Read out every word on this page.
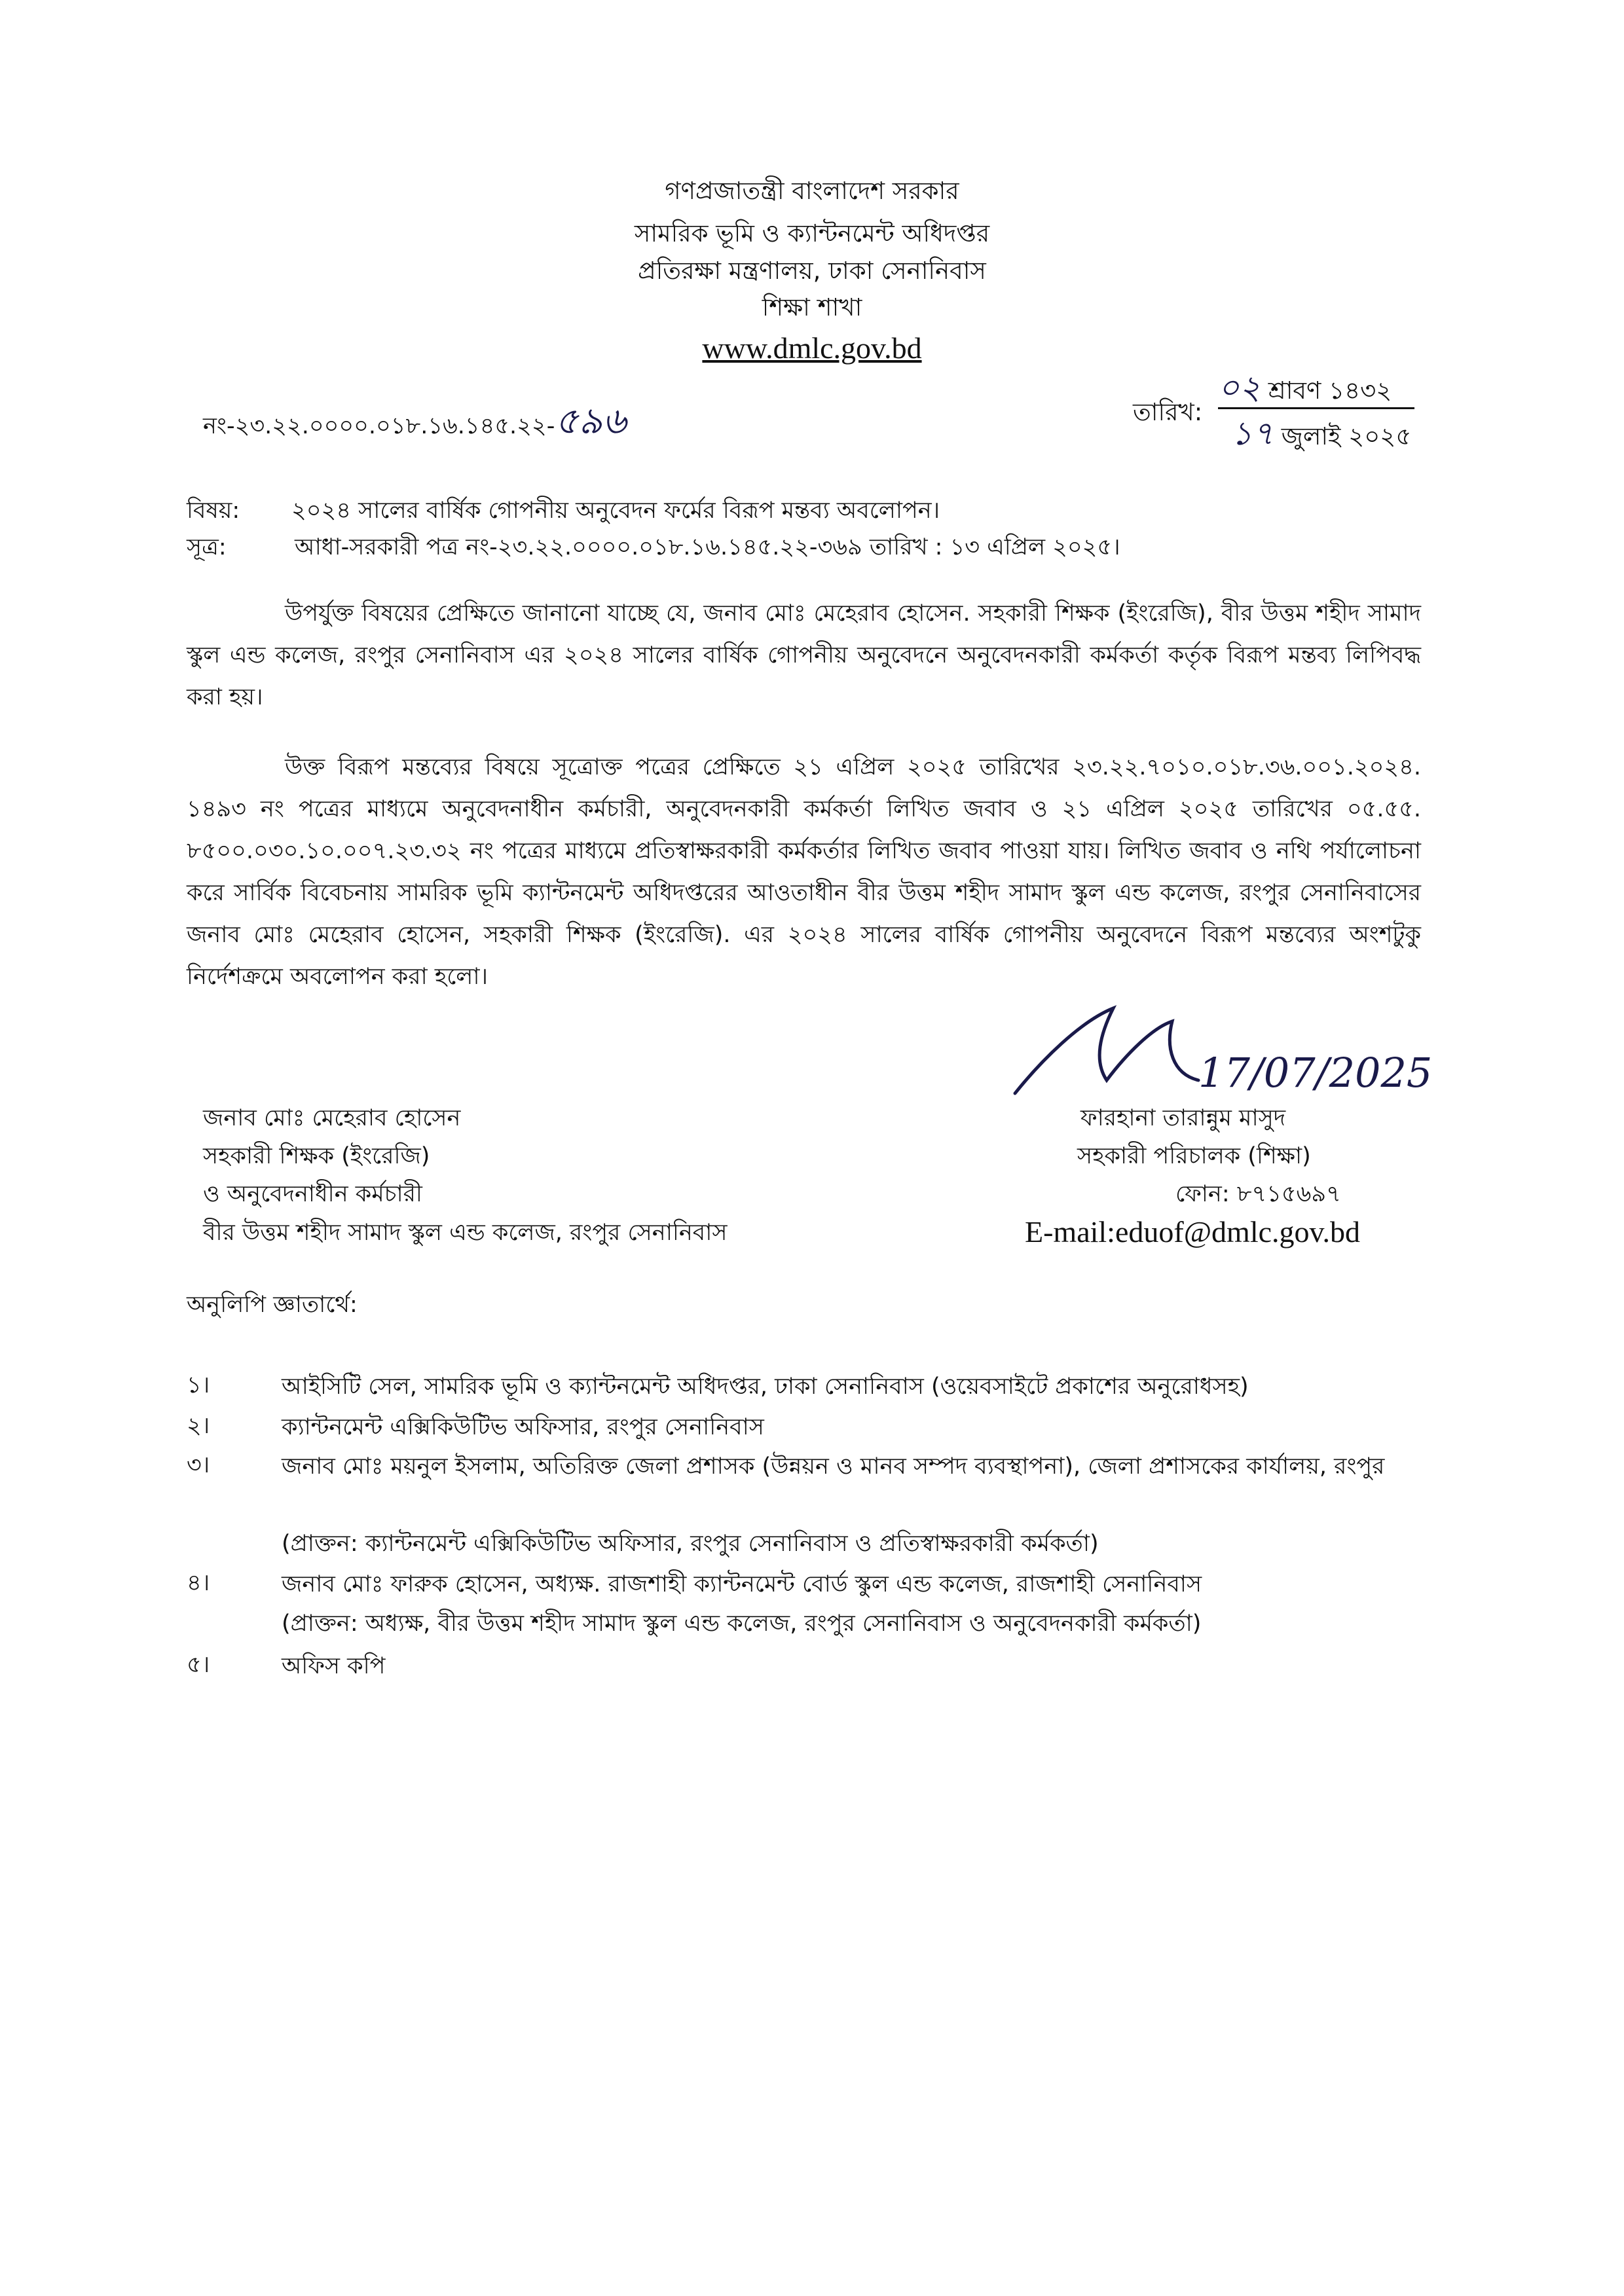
গণপ্রজাতন্ত্রী বাংলাদেশ সরকার
সামরিক ভূমি ও ক্যান্টনমেন্ট অধিদপ্তর
প্রতিরক্ষা মন্ত্রণালয়, ঢাকা সেনানিবাস
শিক্ষা শাখা
www.dmlc.gov.bd
নং-২৩.২২.০০০০.০১৮.১৬.১৪৫.২২-৫৯৬	তারিখ:
০২ শ্রাবণ ১৪৩২
১৭ জুলাই ২০২৫
বিষয়: ২০২৪ সালের বার্ষিক গোপনীয় অনুবেদন ফর্মের বিরূপ মন্তব্য অবলোপন।
সূত্র:	আধা-সরকারী পত্র নং-২৩.২২.০০০০.০১৮.১৬.১৪৫.২২-৩৬৯ তারিখ : ১৩ এপ্রিল ২০২৫।
উপর্যুক্ত বিষয়ের প্রেক্ষিতে জানানো যাচ্ছে যে, জনাব মোঃ মেহেরাব হোসেন. সহকারী শিক্ষক (ইংরেজি), বীর উত্তম শহীদ সামাদ স্কুল এন্ড কলেজ, রংপুর সেনানিবাস এর ২০২৪ সালের বার্ষিক গোপনীয় অনুবেদনে অনুবেদনকারী কর্মকর্তা কর্তৃক বিরূপ মন্তব্য লিপিবদ্ধ করা হয়।
উক্ত বিরূপ মন্তব্যের বিষয়ে সূত্রোক্ত পত্রের প্রেক্ষিতে ২১ এপ্রিল ২০২৫ তারিখের ২৩.২২.৭০১০.০১৮.৩৬.০০১.২০২৪. ১৪৯৩ নং পত্রের মাধ্যমে অনুবেদনাধীন কর্মচারী, অনুবেদনকারী কর্মকর্তা লিখিত জবাব ও ২১ এপ্রিল ২০২৫ তারিখের ০৫.৫৫. ৮৫০০.০৩০.১০.০০৭.২৩.৩২ নং পত্রের মাধ্যমে প্রতিস্বাক্ষরকারী কর্মকর্তার লিখিত জবাব পাওয়া যায়। লিখিত জবাব ও নথি পর্যালোচনা করে সার্বিক বিবেচনায় সামরিক ভূমি ক্যান্টনমেন্ট অধিদপ্তরের আওতাধীন বীর উত্তম শহীদ সামাদ স্কুল এন্ড কলেজ, রংপুর সেনানিবাসের জনাব মোঃ মেহেরাব হোসেন, সহকারী শিক্ষক (ইংরেজি). এর ২০২৪ সালের বার্ষিক গোপনীয় অনুবেদনে বিরূপ মন্তব্যের অংশটুকু নির্দেশক্রমে অবলোপন করা হলো।
17/07/2025
জনাব মোঃ মেহেরাব হোসেন
সহকারী শিক্ষক (ইংরেজি)
ও অনুবেদনাধীন কর্মচারী
বীর উত্তম শহীদ সামাদ স্কুল এন্ড কলেজ, রংপুর সেনানিবাস
ফারহানা তারান্নুম মাসুদ
সহকারী পরিচালক (শিক্ষা)
ফোন: ৮৭১৫৬৯৭
E-mail:eduof@dmlc.gov.bd
অনুলিপি জ্ঞাতার্থে:
১।	আইসিটি সেল, সামরিক ভূমি ও ক্যান্টনমেন্ট অধিদপ্তর, ঢাকা সেনানিবাস (ওয়েবসাইটে প্রকাশের অনুরোধসহ)
২।	ক্যান্টনমেন্ট এক্সিকিউটিভ অফিসার, রংপুর সেনানিবাস
৩।	জনাব মোঃ ময়নুল ইসলাম, অতিরিক্ত জেলা প্রশাসক (উন্নয়ন ও মানব সম্পদ ব্যবস্থাপনা), জেলা প্রশাসকের কার্যালয়, রংপুর
(প্রাক্তন: ক্যান্টনমেন্ট এক্সিকিউটিভ অফিসার, রংপুর সেনানিবাস ও প্রতিস্বাক্ষরকারী কর্মকর্তা)
৪।	জনাব মোঃ ফারুক হোসেন, অধ্যক্ষ. রাজশাহী ক্যান্টনমেন্ট বোর্ড স্কুল এন্ড কলেজ, রাজশাহী সেনানিবাস
(প্রাক্তন: অধ্যক্ষ, বীর উত্তম শহীদ সামাদ স্কুল এন্ড কলেজ, রংপুর সেনানিবাস ও অনুবেদনকারী কর্মকর্তা)
৫।	অফিস কপি
